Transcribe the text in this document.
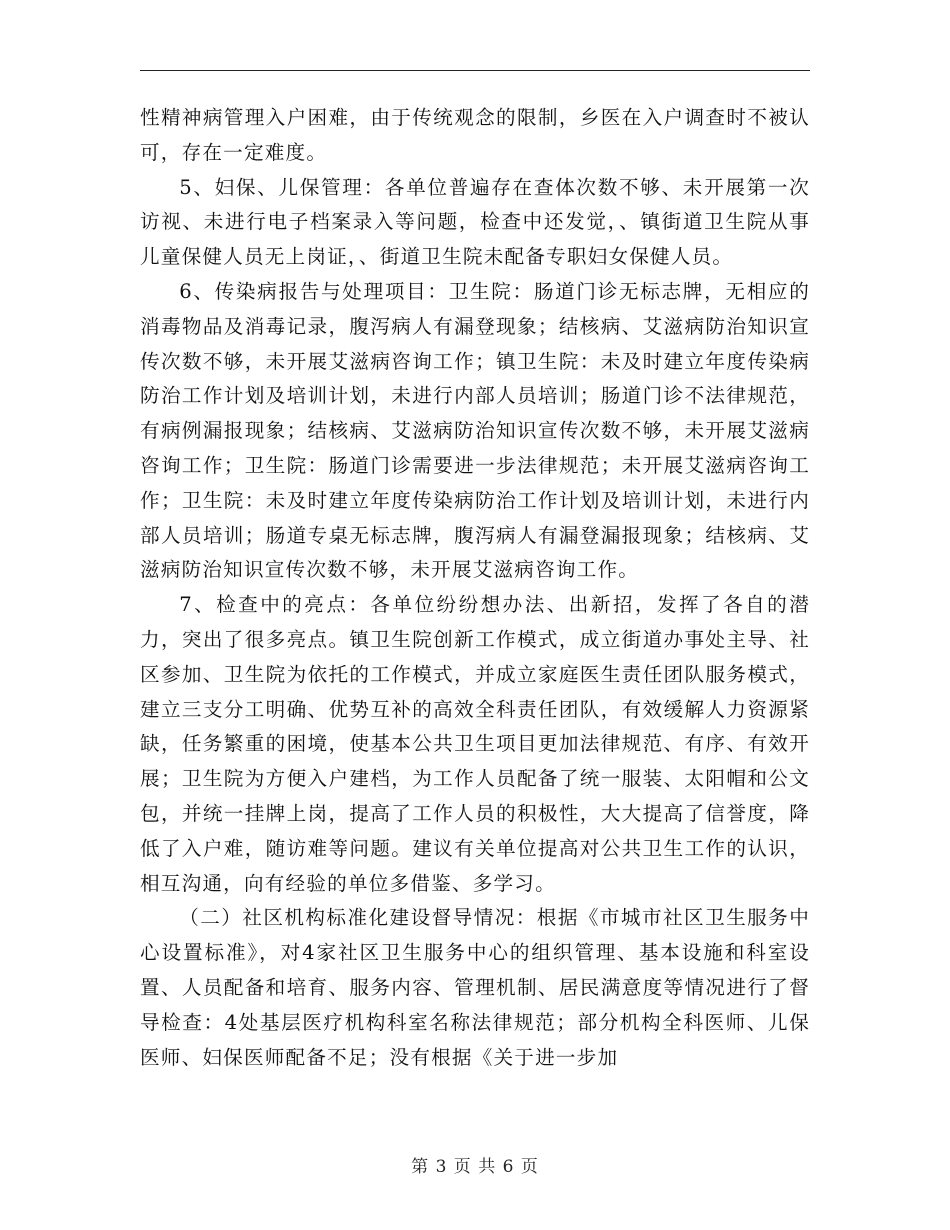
性精神病管理入户困难，由于传统观念的限制，乡医在入户调查时不被认可，存在一定难度。

5、妇保、儿保管理：各单位普遍存在查体次数不够、未开展第一次访视、未进行电子档案录入等问题，检查中还发觉，、镇街道卫生院从事儿童保健人员无上岗证，、街道卫生院未配备专职妇女保健人员。

6、传染病报告与处理项目：卫生院：肠道门诊无标志牌，无相应的消毒物品及消毒记录，腹泻病人有漏登现象；结核病、艾滋病防治知识宣传次数不够，未开展艾滋病咨询工作；镇卫生院：未及时建立年度传染病防治工作计划及培训计划，未进行内部人员培训；肠道门诊不法律规范，有病例漏报现象；结核病、艾滋病防治知识宣传次数不够，未开展艾滋病咨询工作；卫生院：肠道门诊需要进一步法律规范；未开展艾滋病咨询工作；卫生院：未及时建立年度传染病防治工作计划及培训计划，未进行内部人员培训；肠道专桌无标志牌，腹泻病人有漏登漏报现象；结核病、艾滋病防治知识宣传次数不够，未开展艾滋病咨询工作。

7、检查中的亮点：各单位纷纷想办法、出新招，发挥了各自的潜力，突出了很多亮点。镇卫生院创新工作模式，成立街道办事处主导、社区参加、卫生院为依托的工作模式，并成立家庭医生责任团队服务模式，建立三支分工明确、优势互补的高效全科责任团队，有效缓解人力资源紧缺，任务繁重的困境，使基本公共卫生项目更加法律规范、有序、有效开展；卫生院为方便入户建档，为工作人员配备了统一服装、太阳帽和公文包，并统一挂牌上岗，提高了工作人员的积极性，大大提高了信誉度，降低了入户难，随访难等问题。建议有关单位提高对公共卫生工作的认识，相互沟通，向有经验的单位多借鉴、多学习。

（二）社区机构标准化建设督导情况：根据《市城市社区卫生服务中心设置标准》，对4家社区卫生服务中心的组织管理、基本设施和科室设置、人员配备和培育、服务内容、管理机制、居民满意度等情况进行了督导检查：4处基层医疗机构科室名称法律规范；部分机构全科医师、儿保医师、妇保医师配备不足；没有根据《关于进一步加

第 3 页 共 6 页
